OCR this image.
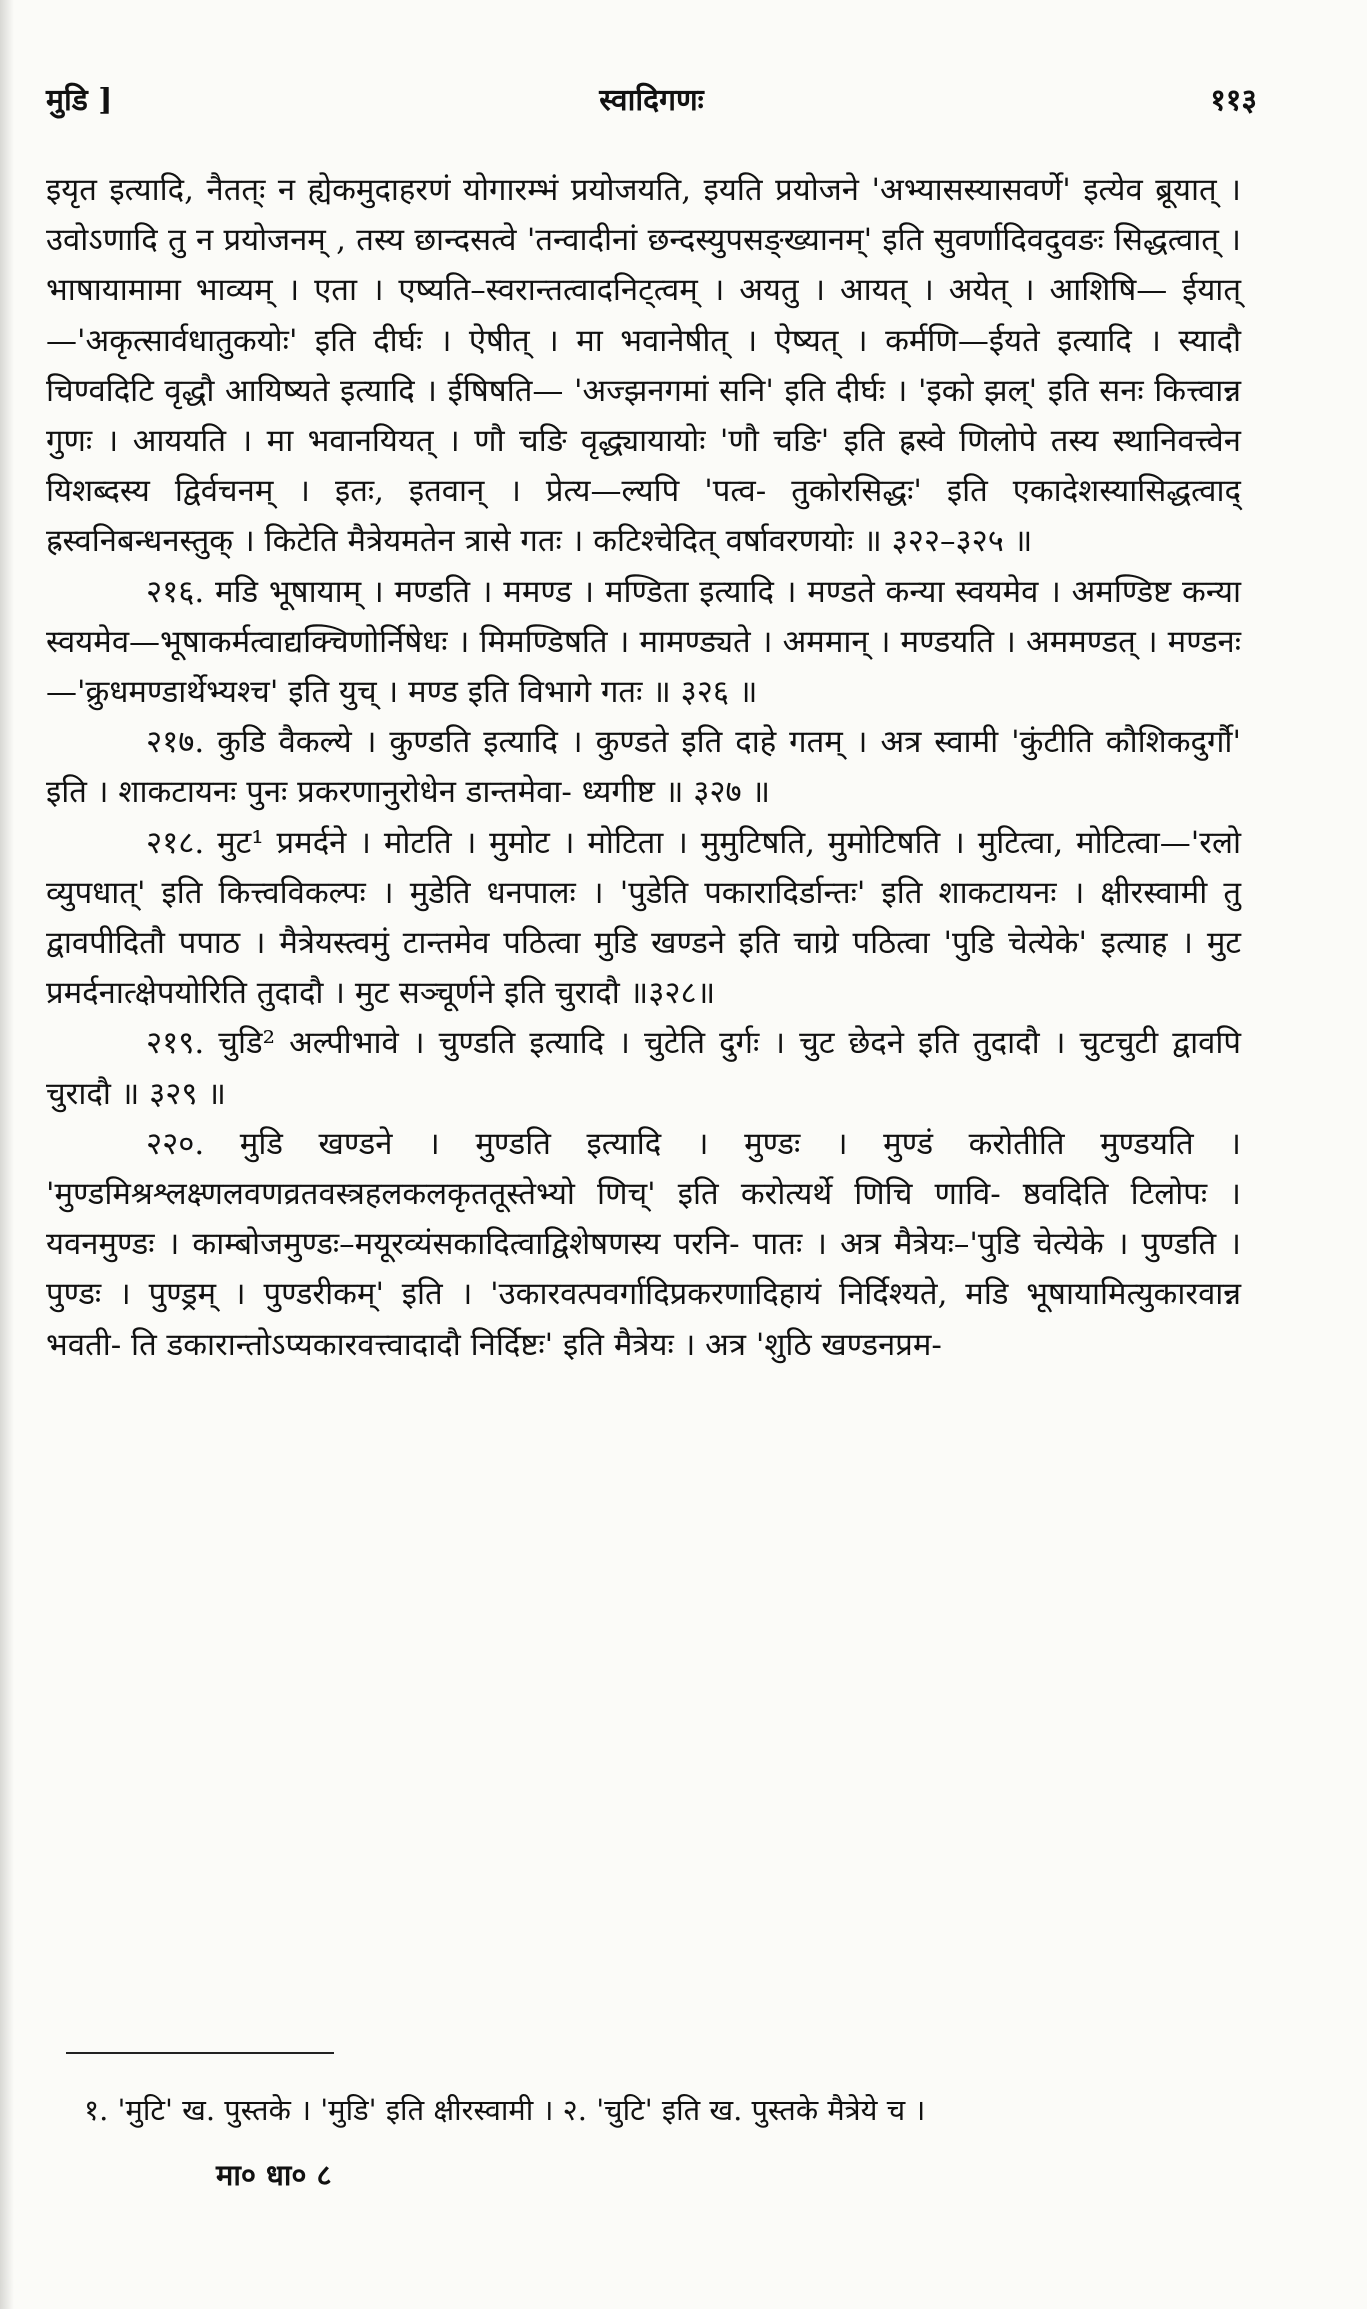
मुडि ]	स्वादिगणः	११३

इयृत इत्यादि, नैतत्ः न ह्येकमुदाहरणं योगारम्भं प्रयोजयति, इयति प्रयोजने 'अभ्यासस्यासवर्णे' इत्येव ब्रूयात् । उवोऽणादि तु न प्रयोजनम् , तस्य छान्दसत्वे 'तन्वादीनां छन्दस्युपसङ्ख्यानम्' इति सुवर्णादिवदुवङः सिद्धत्वात् । भाषायामामा भाव्यम् । एता । एष्यति–स्वरान्तत्वादनिट्त्वम् । अयतु । आयत् । अयेत् । आशिषि— ईयात्—'अकृत्सार्वधातुकयोः' इति दीर्घः । ऐषीत् । मा भवानेषीत् । ऐष्यत् । कर्मणि—ईयते इत्यादि । स्यादौ चिण्वदिटि वृद्धौ आयिष्यते इत्यादि । ईषिषति— 'अज्झनगमां सनि' इति दीर्घः । 'इको झल्' इति सनः कित्त्वान्न गुणः । आययति । मा भवानयियत् । णौ चङि वृद्ध्यायायोः 'णौ चङि' इति ह्रस्वे णिलोपे तस्य स्थानिवत्त्वेन यिशब्दस्य द्विर्वचनम् । इतः, इतवान् । प्रेत्य—ल्यपि 'पत्व- तुकोरसिद्धः' इति एकादेशस्यासिद्धत्वाद् ह्रस्वनिबन्धनस्तुक् । किटेति मैत्रेयमतेन त्रासे गतः । कटिश्चेदित् वर्षावरणयोः ॥ ३२२–३२५ ॥

२१६. मडि भूषायाम् । मण्डति । ममण्ड । मण्डिता इत्यादि । मण्डते कन्या स्वयमेव । अमण्डिष्ट कन्या स्वयमेव—भूषाकर्मत्वाद्यक्चिणोर्निषेधः । मिमण्डिषति । मामण्ड्यते । अममान् । मण्डयति । अममण्डत् । मण्डनः—'क्रुधमण्डार्थेभ्यश्च' इति युच् । मण्ड इति विभागे गतः ॥ ३२६ ॥

२१७. कुडि वैकल्ये । कुण्डति इत्यादि । कुण्डते इति दाहे गतम् । अत्र स्वामी 'कुंटीति कौशिकदुर्गौ' इति । शाकटायनः पुनः प्रकरणानुरोधेन डान्तमेवा- ध्यगीष्ट ॥ ३२७ ॥

२१८. मुट¹ प्रमर्दने । मोटति । मुमोट । मोटिता । मुमुटिषति, मुमोटिषति । मुटित्वा, मोटित्वा—'रलो व्युपधात्' इति कित्त्वविकल्पः । मुडेति धनपालः । 'पुडेति पकारादिर्डान्तः' इति शाकटायनः । क्षीरस्वामी तु द्वावपीदितौ पपाठ । मैत्रेयस्त्वमुं टान्तमेव पठित्वा मुडि खण्डने इति चाग्रे पठित्वा 'पुडि चेत्येके' इत्याह । मुट प्रमर्दनात्क्षेपयोरिति तुदादौ । मुट सञ्चूर्णने इति चुरादौ ॥३२८॥

२१९. चुडि² अल्पीभावे । चुण्डति इत्यादि । चुटेति दुर्गः । चुट छेदने इति तुदादौ । चुटचुटी द्वावपि चुरादौ ॥ ३२९ ॥

२२०. मुडि खण्डने । मुण्डति इत्यादि । मुण्डः । मुण्डं करोतीति मुण्डयति । 'मुण्डमिश्रश्लक्ष्णलवणव्रतवस्त्रहलकलकृततूस्तेभ्यो णिच्' इति करोत्यर्थे णिचि णावि- ष्ठवदिति टिलोपः । यवनमुण्डः । काम्बोजमुण्डः–मयूरव्यंसकादित्वाद्विशेषणस्य परनि- पातः । अत्र मैत्रेयः–'पुडि चेत्येके । पुण्डति । पुण्डः । पुण्ड्रम् । पुण्डरीकम्' इति । 'उकारवत्पवर्गादिप्रकरणादिहायं निर्दिश्यते, मडि भूषायामित्युकारवान्न भवती- ति डकारान्तोऽप्यकारवत्त्वादादौ निर्दिष्टः' इति मैत्रेयः । अत्र 'शुठि खण्डनप्रम-

१. 'मुटि' ख. पुस्तके । 'मुडि' इति क्षीरस्वामी । २. 'चुटि' इति ख. पुस्तके मैत्रेये च ।
मा० धा० ८
